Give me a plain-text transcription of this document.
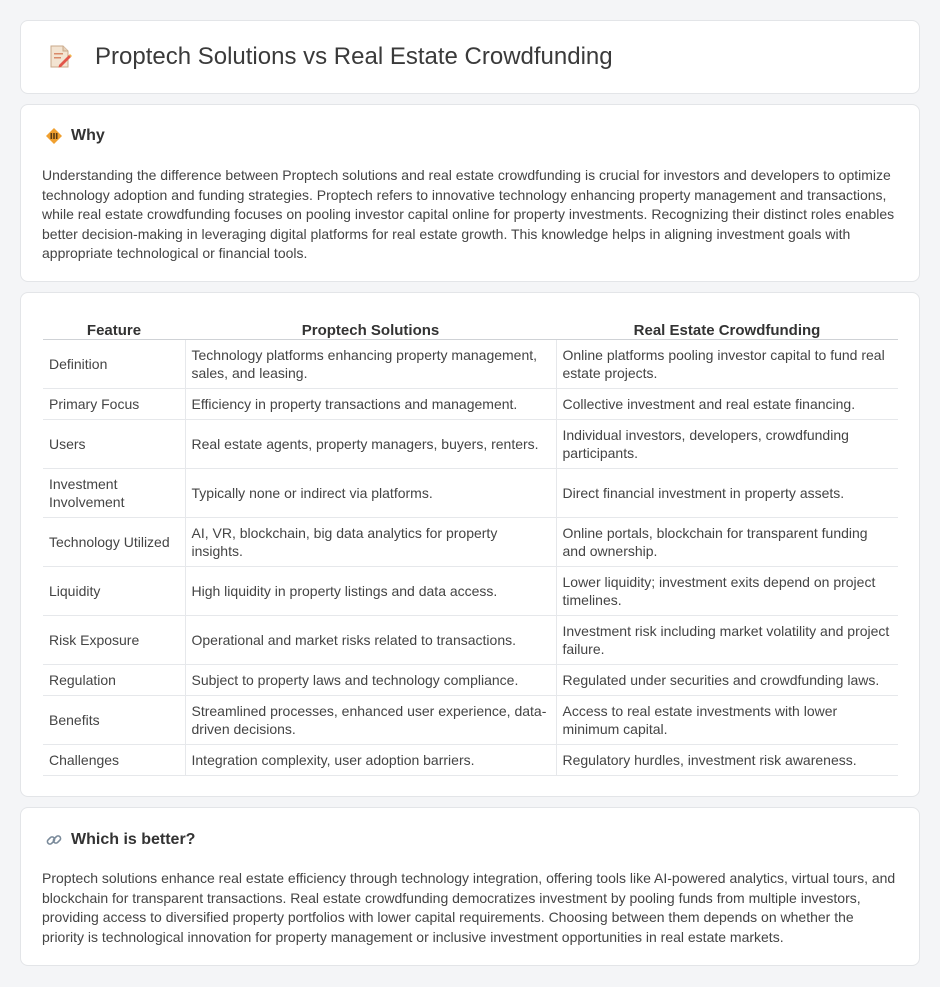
Proptech Solutions vs Real Estate Crowdfunding
Why

Understanding the difference between Proptech solutions and real estate crowdfunding is crucial for investors and developers to optimize technology adoption and funding strategies. Proptech refers to innovative technology enhancing property management and transactions, while real estate crowdfunding focuses on pooling investor capital online for property investments. Recognizing their distinct roles enables better decision-making in leveraging digital platforms for real estate growth. This knowledge helps in aligning investment goals with appropriate technological or financial tools.

Feature	Proptech Solutions	Real Estate Crowdfunding
Definition	Technology platforms enhancing property management, sales, and leasing.	Online platforms pooling investor capital to fund real estate projects.
Primary Focus	Efficiency in property transactions and management.	Collective investment and real estate financing.
Users	Real estate agents, property managers, buyers, renters.	Individual investors, developers, crowdfunding participants.
Investment Involvement	Typically none or indirect via platforms.	Direct financial investment in property assets.
Technology Utilized	AI, VR, blockchain, big data analytics for property insights.	Online portals, blockchain for transparent funding and ownership.
Liquidity	High liquidity in property listings and data access.	Lower liquidity; investment exits depend on project timelines.
Risk Exposure	Operational and market risks related to transactions.	Investment risk including market volatility and project failure.
Regulation	Subject to property laws and technology compliance.	Regulated under securities and crowdfunding laws.
Benefits	Streamlined processes, enhanced user experience, data-driven decisions.	Access to real estate investments with lower minimum capital.
Challenges	Integration complexity, user adoption barriers.	Regulatory hurdles, investment risk awareness.
Which is better?

Proptech solutions enhance real estate efficiency through technology integration, offering tools like AI-powered analytics, virtual tours, and blockchain for transparent transactions. Real estate crowdfunding democratizes investment by pooling funds from multiple investors, providing access to diversified property portfolios with lower capital requirements. Choosing between them depends on whether the priority is technological innovation for property management or inclusive investment opportunities in real estate markets.
